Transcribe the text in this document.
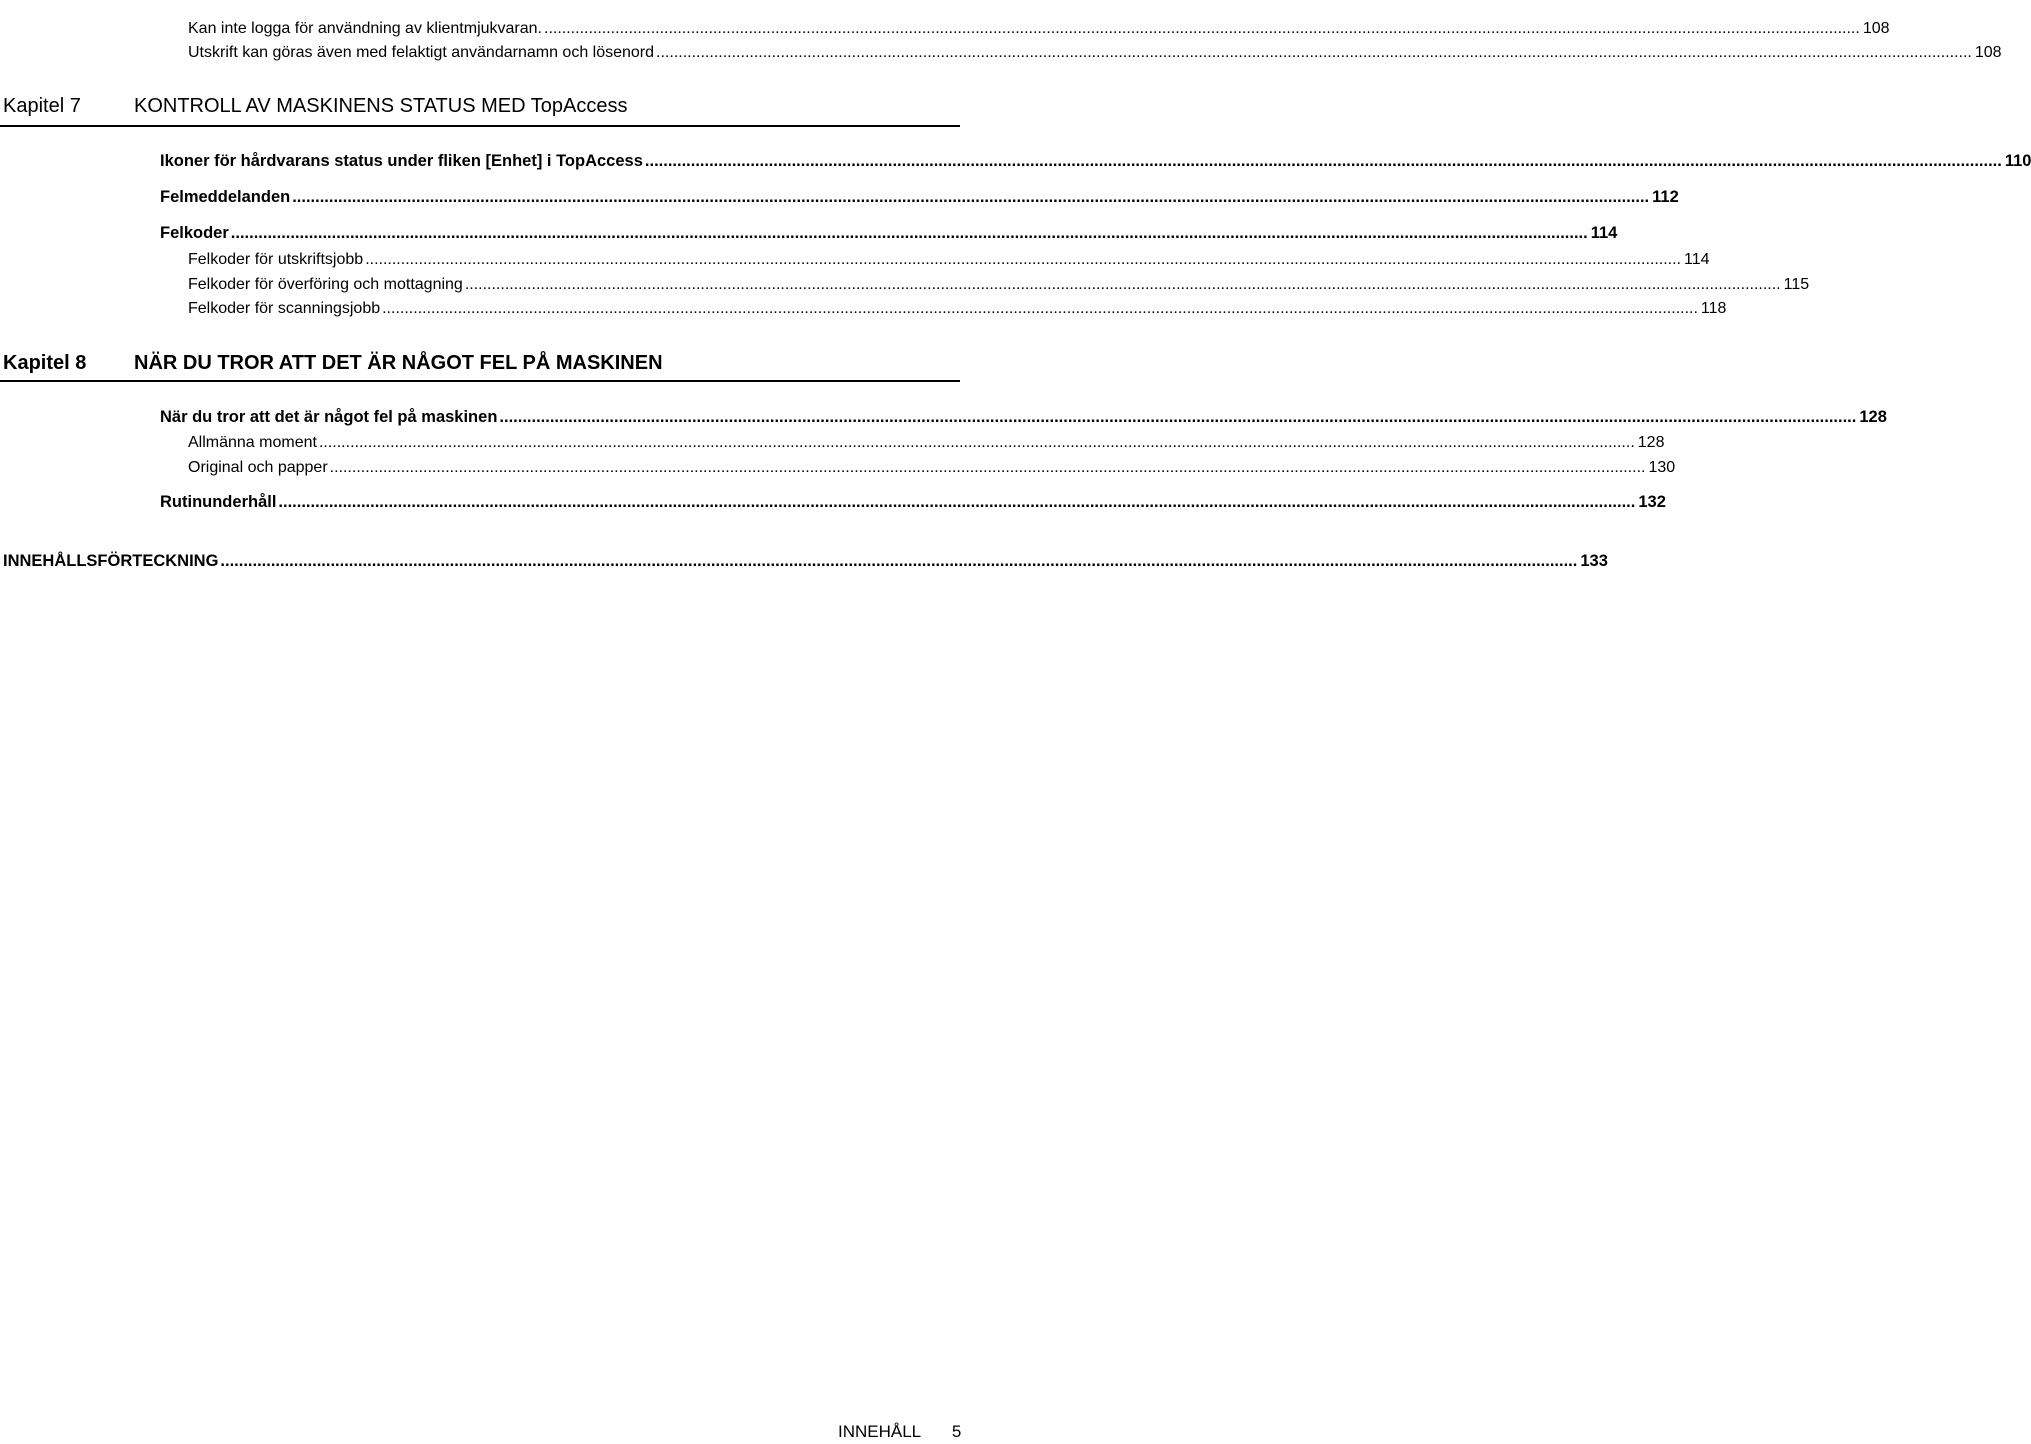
Kan inte logga för användning av klientmjukvaran. .....	108
Utskrift kan göras även med felaktigt användarnamn och lösenord .....	108
Kapitel 7	KONTROLL AV MASKINENS STATUS MED TopAccess
Ikoner för hårdvarans status under fliken [Enhet] i TopAccess .....	110
Felmeddelanden .....	112
Felkoder .....	114
Felkoder för utskriftsjobb .....	114
Felkoder för överföring och mottagning .....	115
Felkoder för scanningsjobb .....	118
Kapitel 8 NÄR DU TROR ATT DET ÄR NÅGOT FEL PÅ MASKINEN
När du tror att det är något fel på maskinen .....	128
Allmänna moment .....	128
Original och papper .....	130
Rutinunderhåll .....	132
INNEHÅLLSFÖRTECKNING .....	133
INNEHÅLL 5
